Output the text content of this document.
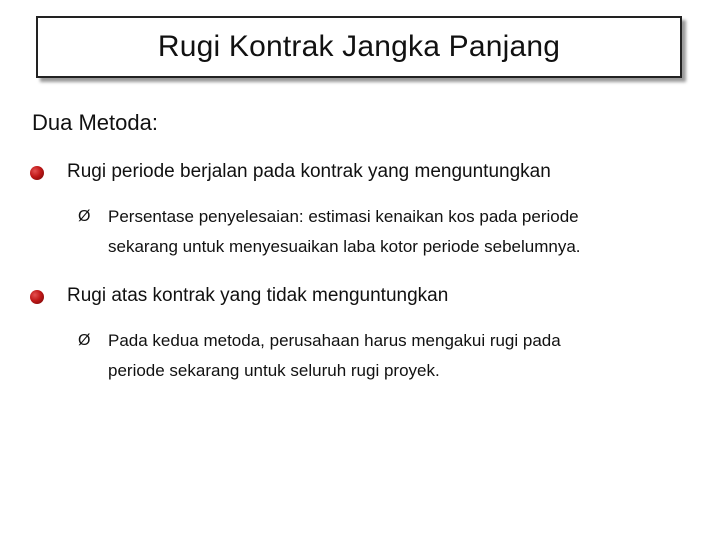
Rugi Kontrak Jangka Panjang
Dua Metoda:
Rugi periode berjalan pada kontrak yang menguntungkan
Ø Persentase penyelesaian: estimasi kenaikan kos pada periode
sekarang untuk menyesuaikan laba kotor periode sebelumnya.
Rugi atas kontrak yang tidak menguntungkan
Ø Pada kedua metoda, perusahaan harus mengakui rugi pada
periode sekarang untuk seluruh rugi proyek.
